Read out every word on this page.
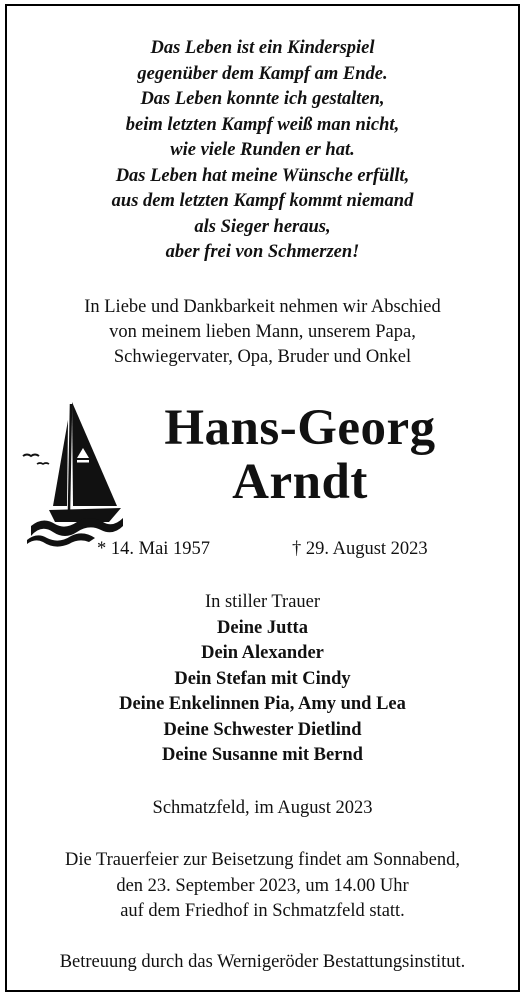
Das Leben ist ein Kinderspiel
gegenüber dem Kampf am Ende.
Das Leben konnte ich gestalten,
beim letzten Kampf weiß man nicht,
wie viele Runden er hat.
Das Leben hat meine Wünsche erfüllt,
aus dem letzten Kampf kommt niemand
als Sieger heraus,
aber frei von Schmerzen!
In Liebe und Dankbarkeit nehmen wir Abschied
von meinem lieben Mann, unserem Papa,
Schwiegervater, Opa, Bruder und Onkel
Hans-Georg
Arndt
* 14. Mai 1957	† 29. August 2023
In stiller Trauer
Deine Jutta
Dein Alexander
Dein Stefan mit Cindy
Deine Enkelinnen Pia, Amy und Lea
Deine Schwester Dietlind
Deine Susanne mit Bernd
Schmatzfeld, im August 2023
Die Trauerfeier zur Beisetzung findet am Sonnabend,
den 23. September 2023, um 14.00 Uhr
auf dem Friedhof in Schmatzfeld statt.
Betreuung durch das Wernigeröder Bestattungsinstitut.
